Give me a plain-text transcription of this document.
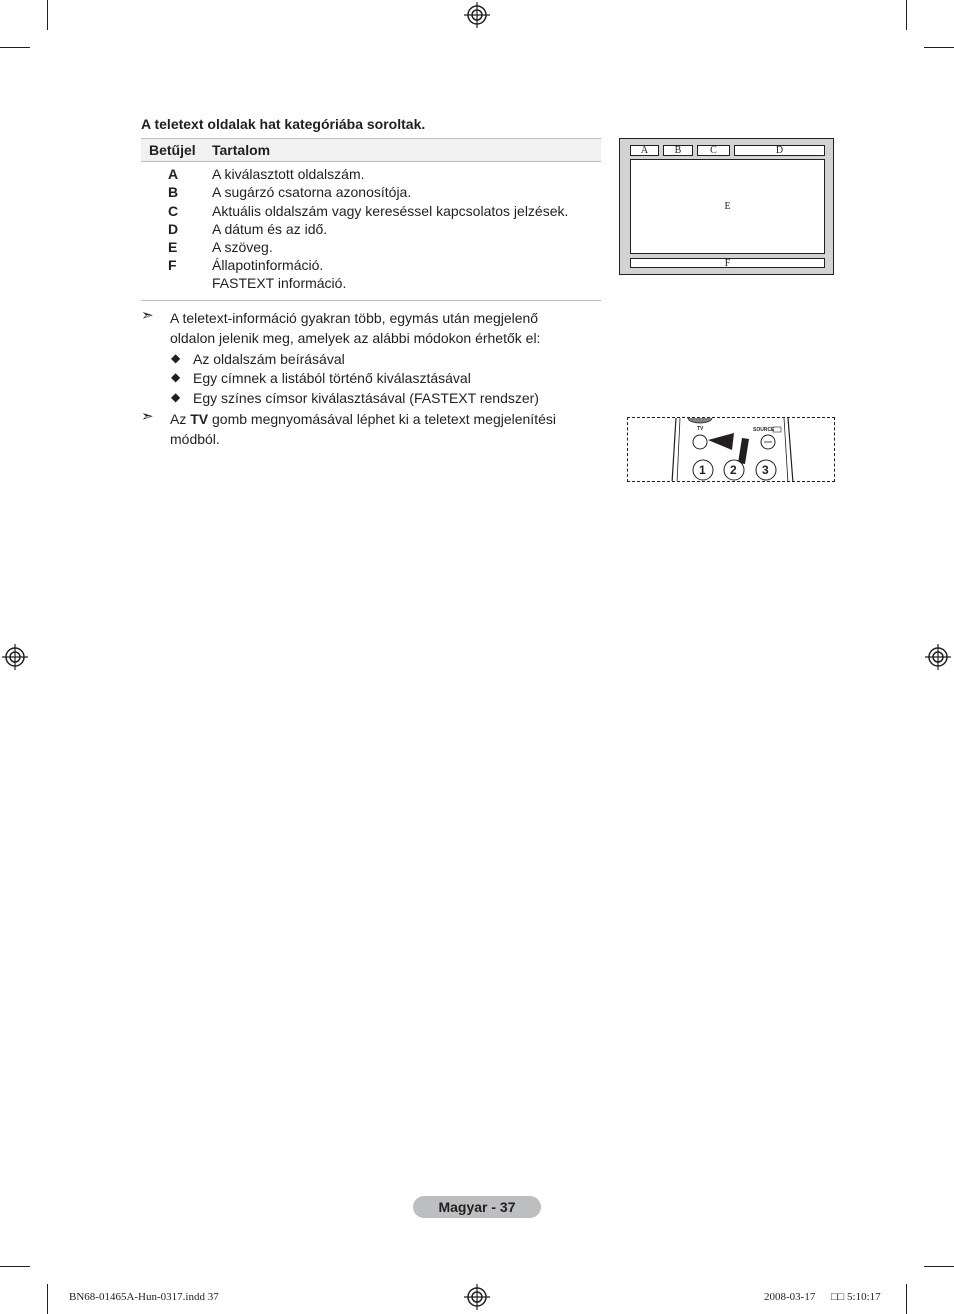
A teletext oldalak hat kategóriába soroltak.
Betűjel Tartalom
A A kiválasztott oldalszám.
B A sugárzó csatorna azonosítója.
C Aktuális oldalszám vagy kereséssel kapcsolatos jelzések.
D A dátum és az idő.
E A szöveg.
F	Állapotinformáció.
FASTEXT információ.
➣ A teletext-információ gyakran több, egymás után megjelenő
oldalon jelenik meg, amelyek az alábbi módokon érhetők el:
◆ Az oldalszám beírásával
◆ Egy címnek a listából történő kiválasztásával
◆ Egy színes címsor kiválasztásával (FASTEXT rendszer)
➣ Az TV gomb megnyomásával léphet ki a teletext megjelenítési
módból.
A	B	C	D
E
F
TV	SOURCE
1 2 3
Magyar - 37
BN68-01465A-Hun-0317.indd 37	2008-03-17 □□ 5:10:17
